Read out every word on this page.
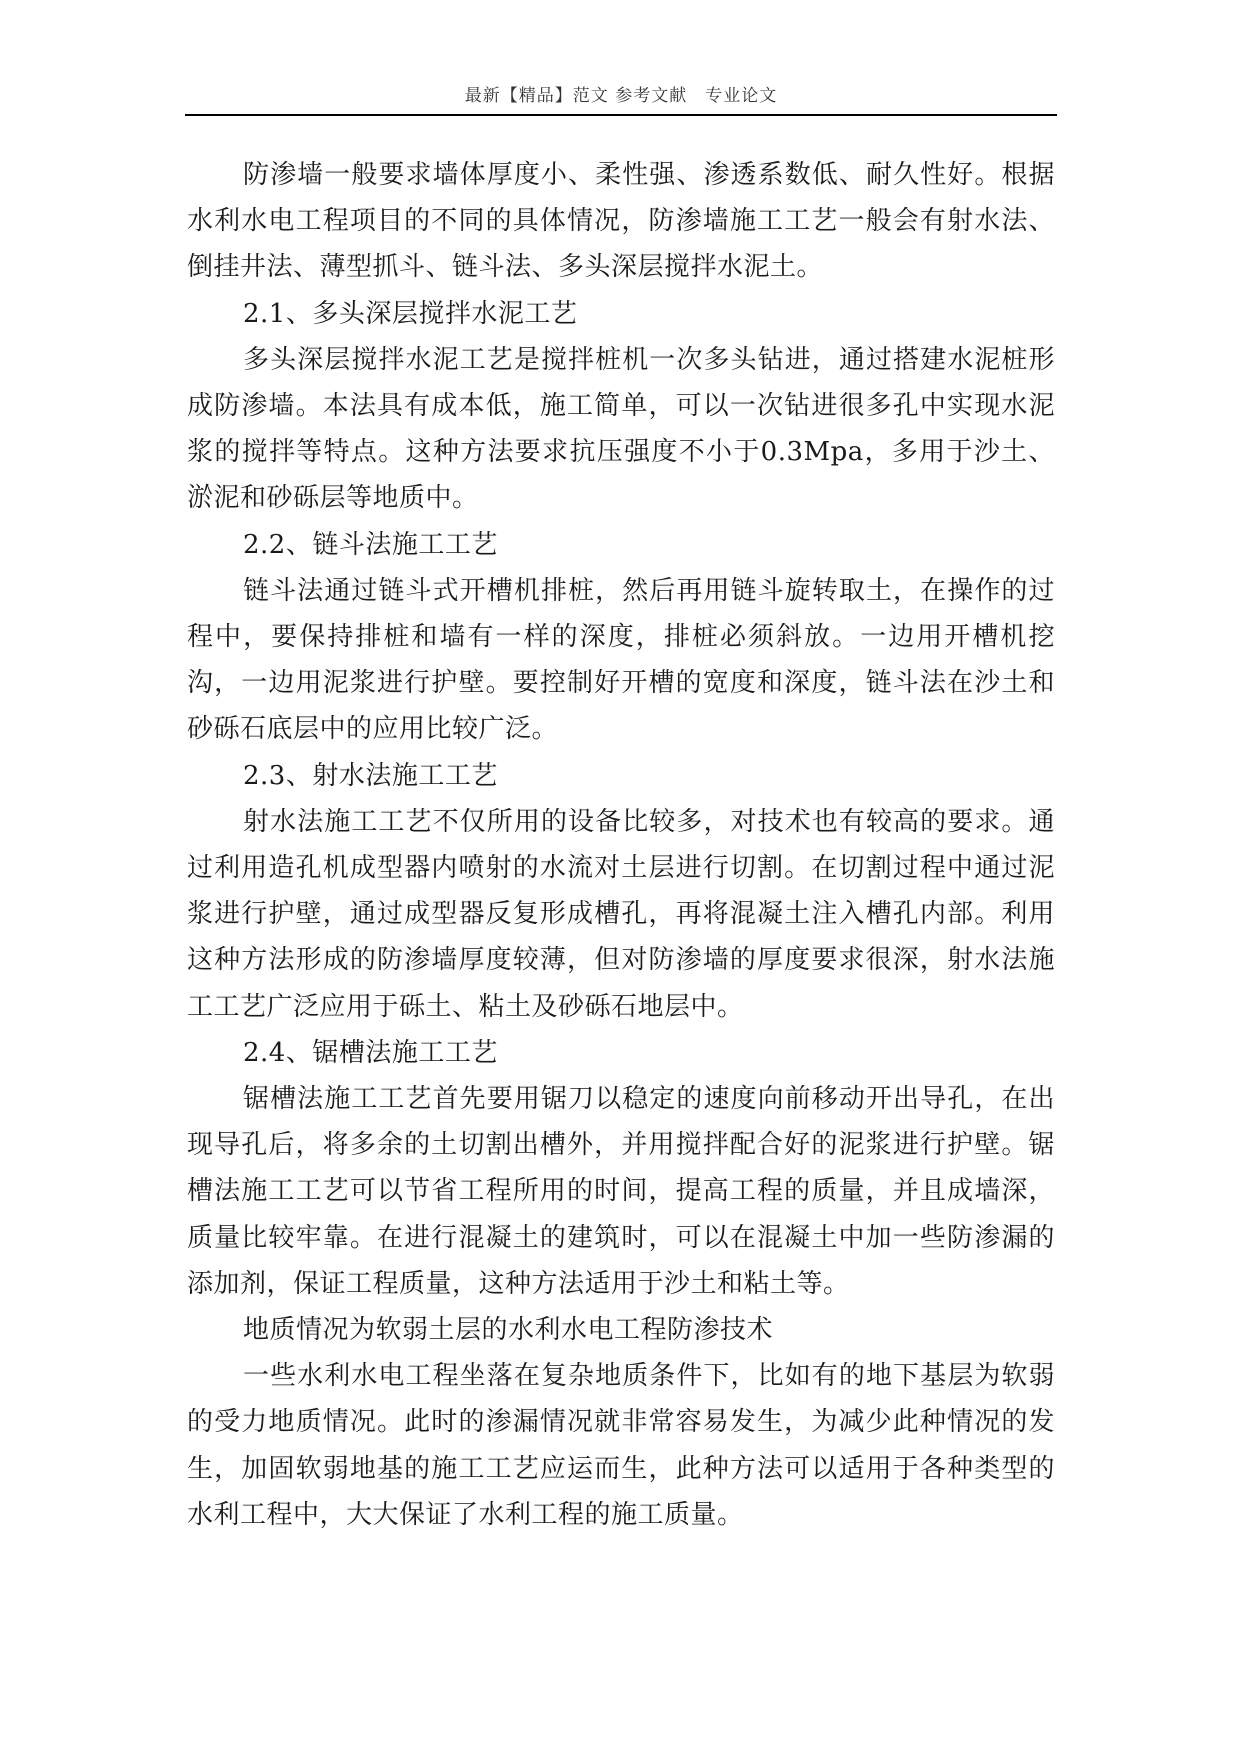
最新【精品】范文 参考文献　专业论文

防渗墙一般要求墙体厚度小、柔性强、渗透系数低、耐久性好。根据水利水电工程项目的不同的具体情况，防渗墙施工工艺一般会有射水法、倒挂井法、薄型抓斗、链斗法、多头深层搅拌水泥土。

2.1、多头深层搅拌水泥工艺

多头深层搅拌水泥工艺是搅拌桩机一次多头钻进，通过搭建水泥桩形成防渗墙。本法具有成本低，施工简单，可以一次钻进很多孔中实现水泥浆的搅拌等特点。这种方法要求抗压强度不小于0.3Mpa，多用于沙土、淤泥和砂砾层等地质中。

2.2、链斗法施工工艺

链斗法通过链斗式开槽机排桩，然后再用链斗旋转取土，在操作的过程中，要保持排桩和墙有一样的深度，排桩必须斜放。一边用开槽机挖沟，一边用泥浆进行护壁。要控制好开槽的宽度和深度，链斗法在沙土和砂砾石底层中的应用比较广泛。

2.3、射水法施工工艺

射水法施工工艺不仅所用的设备比较多，对技术也有较高的要求。通过利用造孔机成型器内喷射的水流对土层进行切割。在切割过程中通过泥浆进行护壁，通过成型器反复形成槽孔，再将混凝土注入槽孔内部。利用这种方法形成的防渗墙厚度较薄，但对防渗墙的厚度要求很深，射水法施工工艺广泛应用于砾土、粘土及砂砾石地层中。

2.4、锯槽法施工工艺

锯槽法施工工艺首先要用锯刀以稳定的速度向前移动开出导孔，在出现导孔后，将多余的土切割出槽外，并用搅拌配合好的泥浆进行护壁。锯槽法施工工艺可以节省工程所用的时间，提高工程的质量，并且成墙深，质量比较牢靠。在进行混凝土的建筑时，可以在混凝土中加一些防渗漏的添加剂，保证工程质量，这种方法适用于沙土和粘土等。

地质情况为软弱土层的水利水电工程防渗技术

一些水利水电工程坐落在复杂地质条件下，比如有的地下基层为软弱的受力地质情况。此时的渗漏情况就非常容易发生，为减少此种情况的发生，加固软弱地基的施工工艺应运而生，此种方法可以适用于各种类型的水利工程中，大大保证了水利工程的施工质量。
